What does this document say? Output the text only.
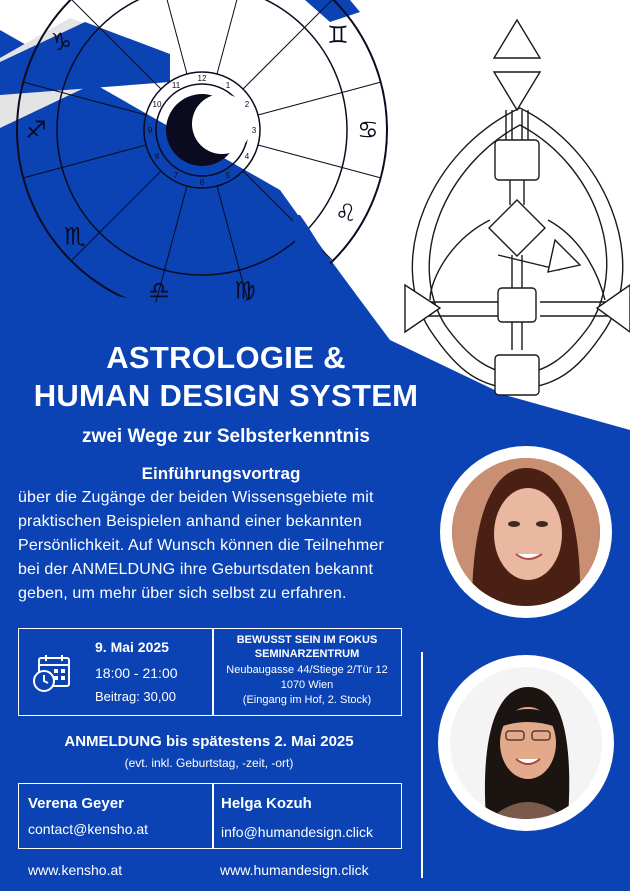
♑
♐
♏
♎	♍
♌
♋
♊
12
1
2
3
4
5
6
7
8
9
10
11

ASTROLOGIE &

HUMAN DESIGN SYSTEM

zwei Wege zur Selbsterkenntnis

Einführungsvortrag

über die Zugänge der beiden Wissensgebiete mit
praktischen Beispielen anhand einer bekannten
Persönlichkeit. Auf Wunsch können die Teilnehmer
bei der ANMELDUNG ihre Geburtsdaten bekannt
geben, um mehr über sich selbst zu erfahren.
9. Mai 2025
18:00 - 21:00
Beitrag: 30,00
BEWUSST SEIN IM FOKUS
SEMINARZENTRUM
Neubaugasse 44/Stiege 2/Tür 12
1070 Wien
(Eingang im Hof, 2. Stock)

ANMELDUNG bis spätestens 2. Mai 2025

(evt. inkl. Geburtstag, -zeit, -ort)

Verena Geyer
contact@kensho.at
Helga Kozuh
info@humandesign.click
www.kensho.at	www.humandesign.click
